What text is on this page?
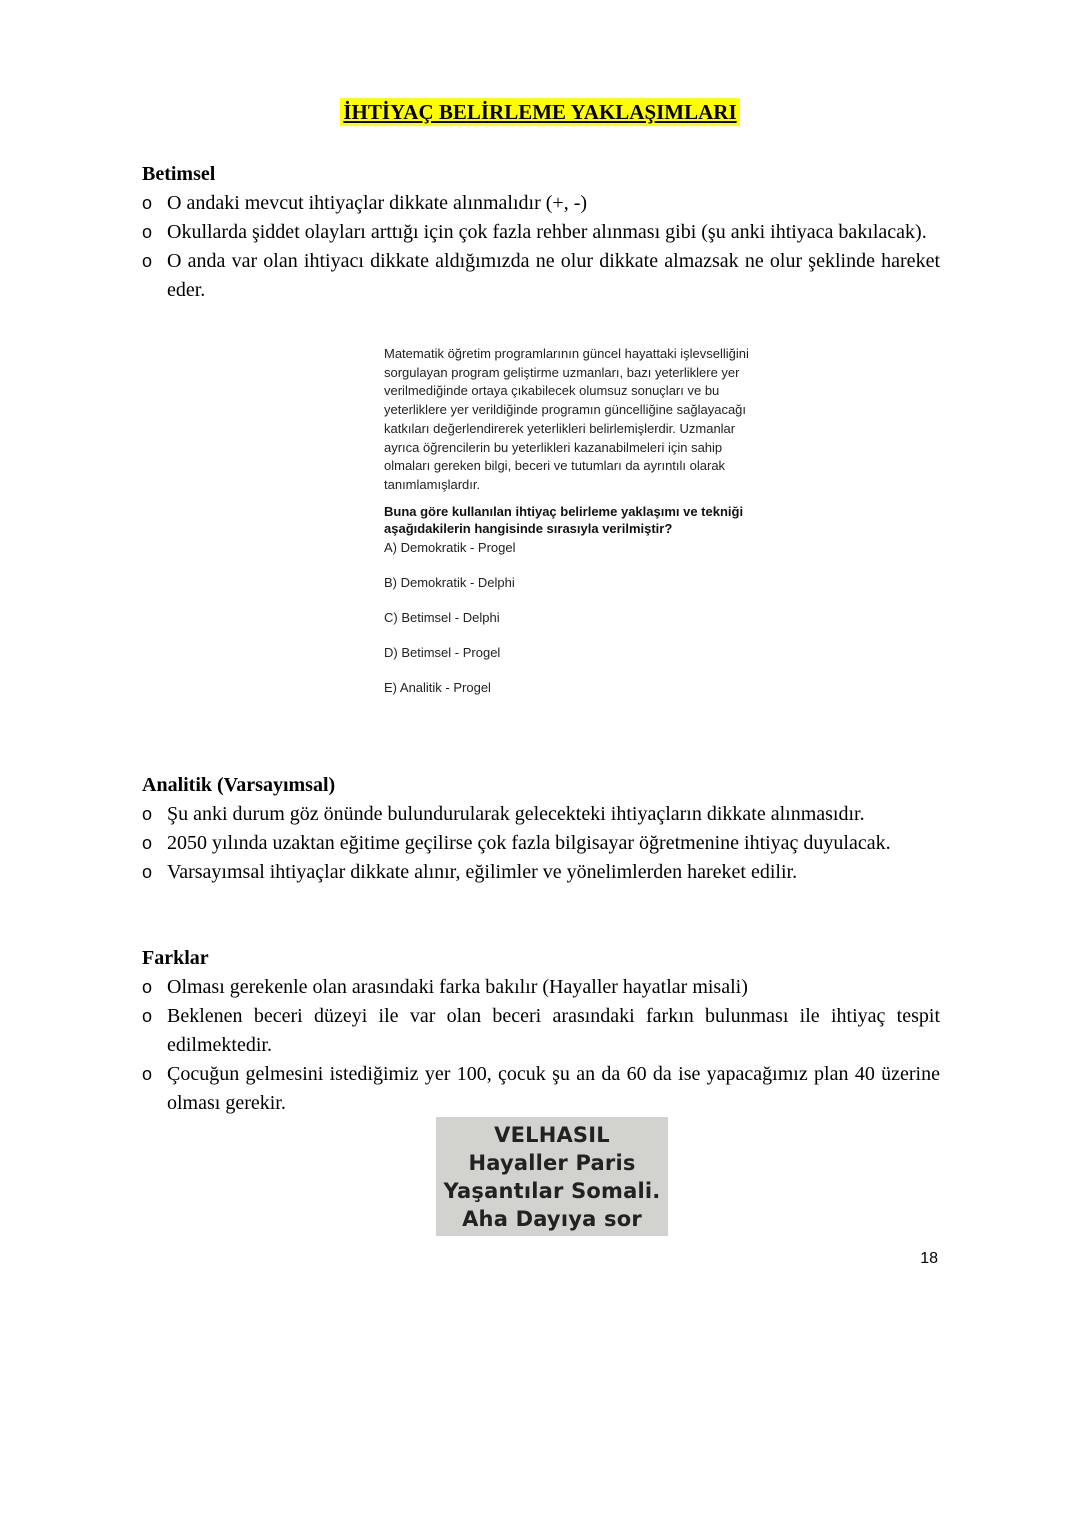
İHTİYAÇ BELİRLEME YAKLAŞIMLARI
Betimsel
o O andaki mevcut ihtiyaçlar dikkate alınmalıdır (+, -)
o Okullarda şiddet olayları arttığı için çok fazla rehber alınması gibi (şu anki ihtiyaca bakılacak).
o O anda var olan ihtiyacı dikkate aldığımızda ne olur dikkate almazsak ne olur şeklinde hareket eder.

Matematik öğretim programlarının güncel hayattaki işlevselliğini sorgulayan program geliştirme uzmanları, bazı yeterliklere yer verilmediğinde ortaya çıkabilecek olumsuz sonuçları ve bu yeterliklere yer verildiğinde programın güncelliğine sağlayacağı katkıları değerlendirerek yeterlikleri belirlemişlerdir. Uzmanlar ayrıca öğrencilerin bu yeterlikleri kazanabilmeleri için sahip olmaları gereken bilgi, beceri ve tutumları da ayrıntılı olarak tanımlamışlardır.

Buna göre kullanılan ihtiyaç belirleme yaklaşımı ve tekniği aşağıdakilerin hangisinde sırasıyla verilmiştir?

A) Demokratik - Progel
B) Demokratik - Delphi
C) Betimsel - Delphi
D) Betimsel - Progel
E) Analitik - Progel
Analitik (Varsayımsal)
o Şu anki durum göz önünde bulundurularak gelecekteki ihtiyaçların dikkate alınmasıdır.
o 2050 yılında uzaktan eğitime geçilirse çok fazla bilgisayar öğretmenine ihtiyaç duyulacak.
o Varsayımsal ihtiyaçlar dikkate alınır, eğilimler ve yönelimlerden hareket edilir.
Farklar
o Olması gerekenle olan arasındaki farka bakılır (Hayaller hayatlar misali)
o Beklenen beceri düzeyi ile var olan beceri arasındaki farkın bulunması ile ihtiyaç tespit edilmektedir.
o Çocuğun gelmesini istediğimiz yer 100, çocuk şu an da 60 da ise yapacağımız plan 40 üzerine olması gerekir.
VELHASIL
Hayaller Paris
Yaşantılar Somali.
Aha Dayıya sor
18
